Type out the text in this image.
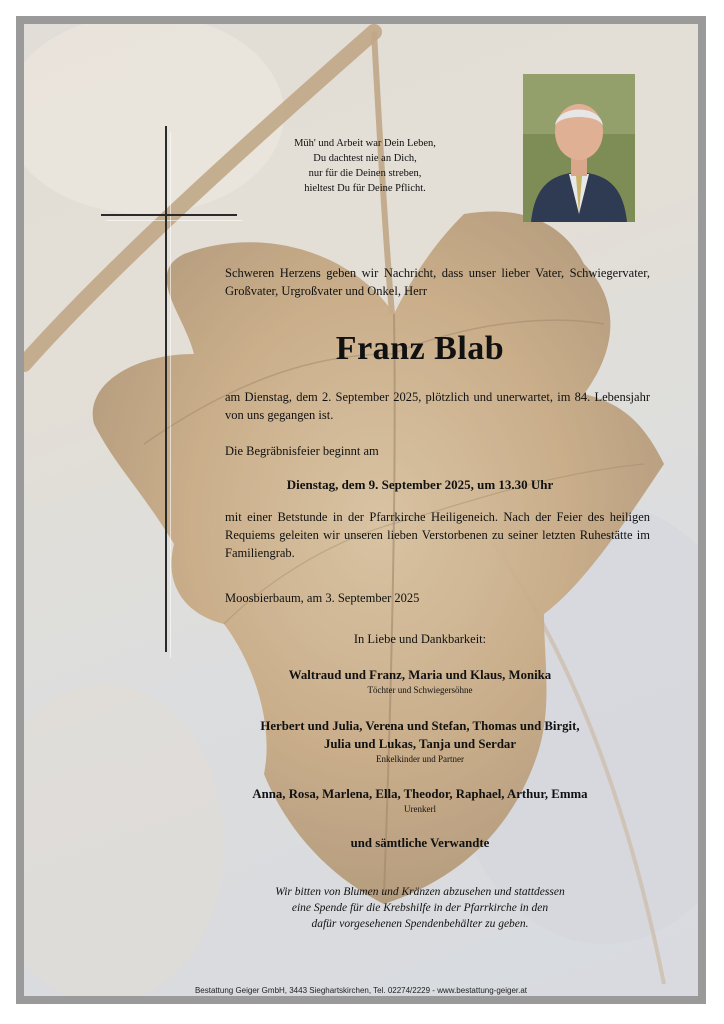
Müh' und Arbeit war Dein Leben,
Du dachtest nie an Dich,
nur für die Deinen streben,
hieltest Du für Deine Pflicht.
Schweren Herzens geben wir Nachricht, dass unser lieber Vater, Schwiegervater, Großvater, Urgroßvater und Onkel, Herr
Franz Blab
am Dienstag, dem 2. September 2025, plötzlich und unerwartet, im 84. Lebensjahr von uns gegangen ist.
Die Begräbnisfeier beginnt am
Dienstag, dem 9. September 2025, um 13.30 Uhr
mit einer Betstunde in der Pfarrkirche Heiligeneich. Nach der Feier des heiligen Requiems geleiten wir unseren lieben Verstorbenen zu seiner letzten Ruhestätte im Familiengrab.
Moosbierbaum, am 3. September 2025
In Liebe und Dankbarkeit:
Waltraud und Franz, Maria und Klaus, Monika
Töchter und Schwiegersöhne
Herbert und Julia, Verena und Stefan, Thomas und Birgit,
Julia und Lukas, Tanja und Serdar
Enkelkinder und Partner
Anna, Rosa, Marlena, Ella, Theodor, Raphael, Arthur, Emma
Urenkerl
und sämtliche Verwandte
Wir bitten von Blumen und Kränzen abzusehen und stattdessen
eine Spende für die Krebshilfe in der Pfarrkirche in den
dafür vorgesehenen Spendenbehälter zu geben.
Bestattung Geiger GmbH, 3443 Sieghartskirchen, Tel. 02274/2229 - www.bestattung-geiger.at
